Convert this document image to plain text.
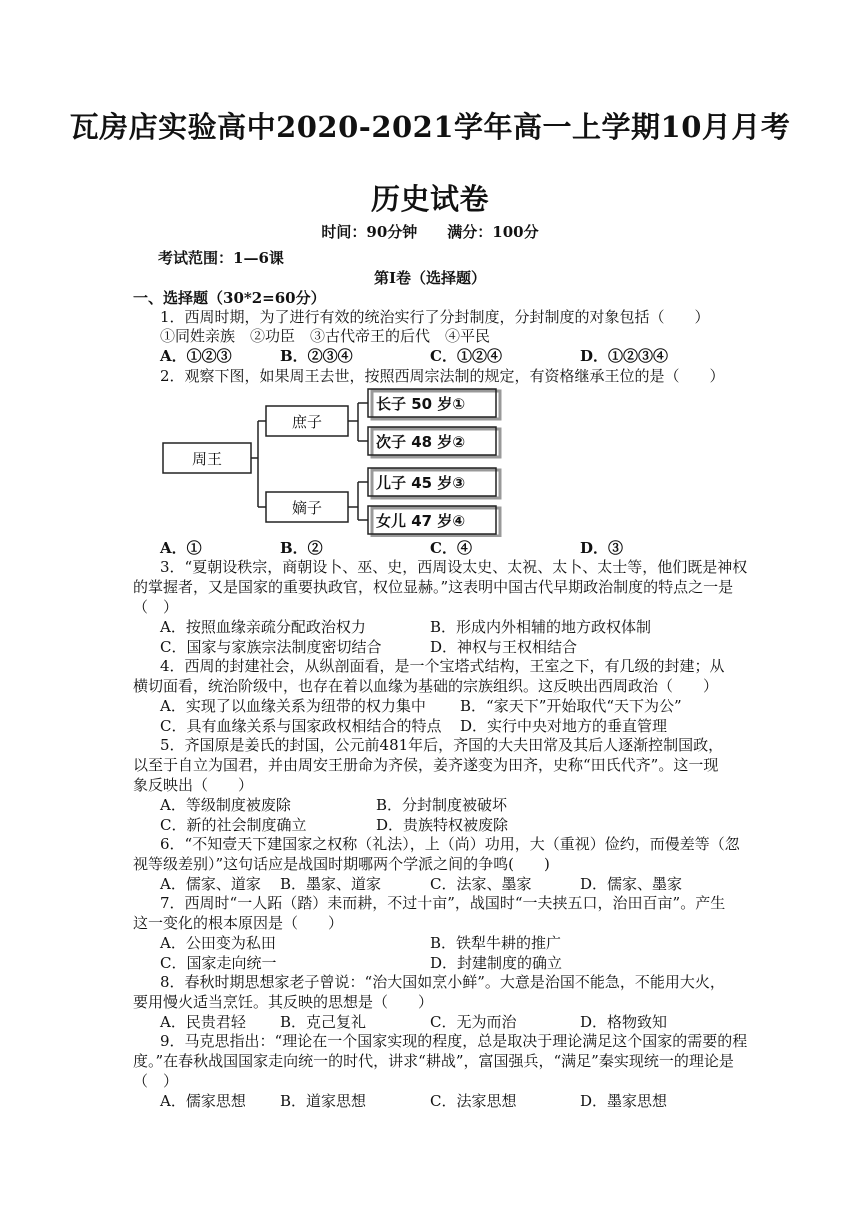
瓦房店实验高中2020-2021学年高一上学期10月月考
历史试卷
时间：90分钟　　满分：100分
考试范围：1—6课
第Ⅰ卷（选择题）
一、选择题（30*2=60分）
1．西周时期，为了进行有效的统治实行了分封制度，分封制度的对象包括（　　）
①同姓亲族　②功臣　③古代帝王的后代　④平民
A．①②③	B．②③④	C．①②④	D．①②③④
2．观察下图，如果周王去世，按照西周宗法制的规定，有资格继承王位的是（　　）
周王
庶子
嫡子
长子 50 岁①
次子 48 岁②
儿子 45 岁③
女儿 47 岁④
A．①	B．②	C．④	D．③
3．“夏朝设秩宗，商朝设卜、巫、史，西周设太史、太祝、太卜、太士等，他们既是神权
的掌握者，又是国家的重要执政官，权位显赫。”这表明中国古代早期政治制度的特点之一是
（　）
A．按照血缘亲疏分配政治权力	B．形成内外相辅的地方政权体制
C．国家与家族宗法制度密切结合	D．神权与王权相结合
4．西周的封建社会，从纵剖面看，是一个宝塔式结构，王室之下，有几级的封建；从
横切面看，统治阶级中，也存在着以血缘为基础的宗族组织。这反映出西周政治（　　）
A．实现了以血缘关系为纽带的权力集中 B．“家天下”开始取代“天下为公”
C．具有血缘关系与国家政权相结合的特点 D．实行中央对地方的垂直管理
5．齐国原是姜氏的封国，公元前481年后，齐国的大夫田常及其后人逐渐控制国政，
以至于自立为国君，并由周安王册命为齐侯，姜齐遂变为田齐，史称“田氏代齐”。这一现
象反映出（　　）
A．等级制度被废除	B．分封制度被破坏
C．新的社会制度确立	D．贵族特权被废除
6．“不知壹天下建国家之权称（礼法），上（尚）功用，大（重视）俭约，而僈差等（忽
视等级差别）”这句话应是战国时期哪两个学派之间的争鸣(　　)
A．儒家、道家 B．墨家、道家	C．法家、墨家	D．儒家、墨家
7．西周时“一人跖（踏）耒而耕，不过十亩”，战国时“一夫挟五口，治田百亩”。产生
这一变化的根本原因是（　　）
A．公田变为私田	B．铁犁牛耕的推广
C．国家走向统一	D．封建制度的确立
8．春秋时期思想家老子曾说：“治大国如烹小鲜”。大意是治国不能急，不能用大火，
要用慢火适当烹饪。其反映的思想是（　　）
A．民贵君轻 B．克己复礼	C．无为而治	D．格物致知
9．马克思指出：“理论在一个国家实现的程度，总是取决于理论满足这个国家的需要的程
度。”在春秋战国国家走向统一的时代，讲求“耕战”，富国强兵，“满足”秦实现统一的理论是
（　）
A．儒家思想 B．道家思想	C．法家思想	D．墨家思想
